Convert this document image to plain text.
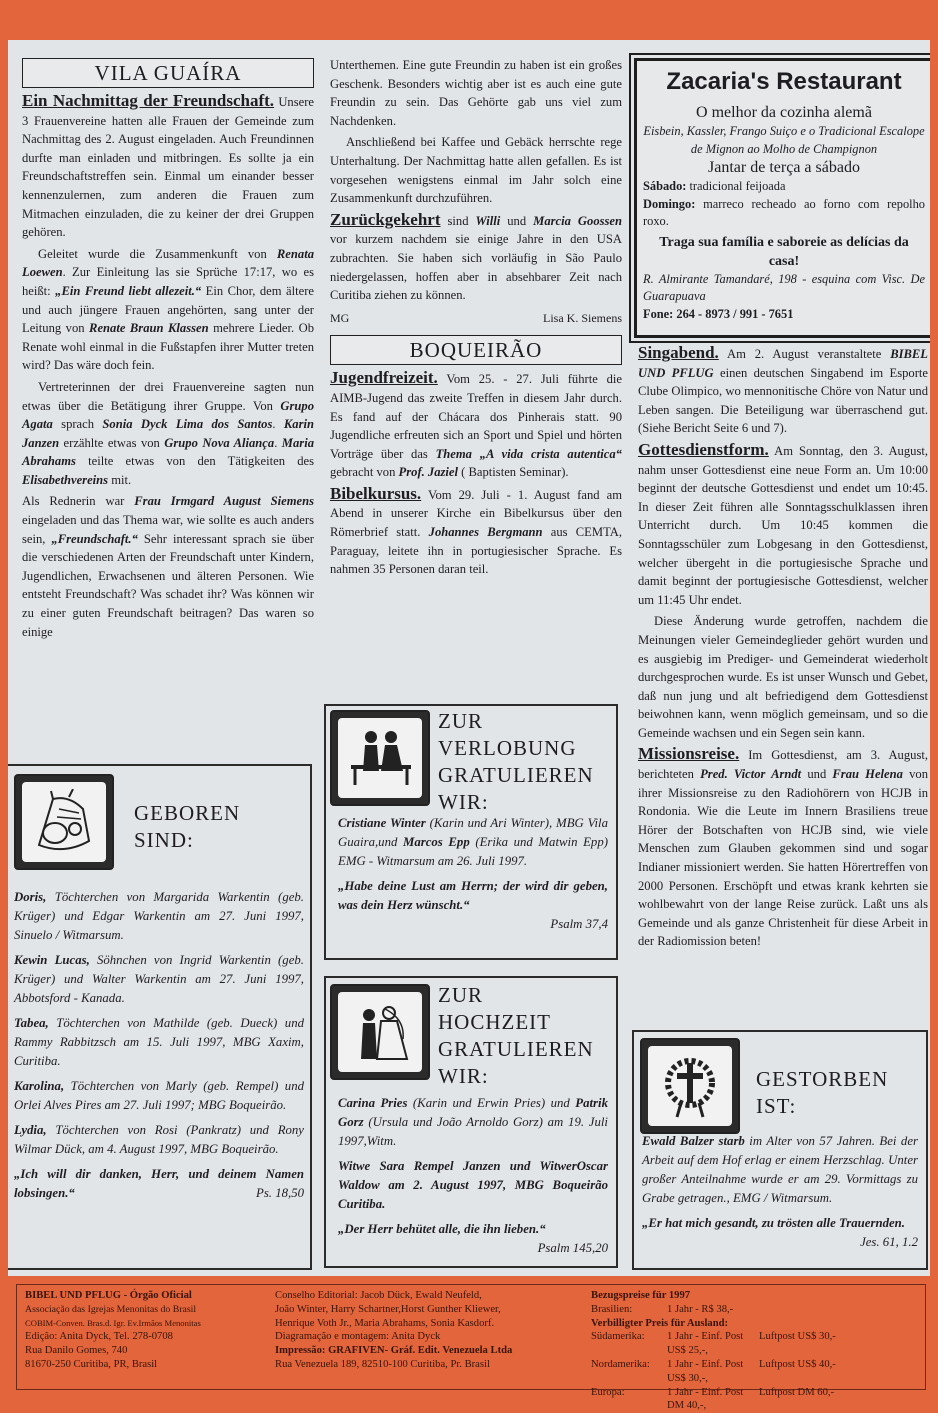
VILA GUAÍRA

Ein Nachmittag der Freundschaft. Unsere 3 Frauenvereine hatten alle Frauen der Gemeinde zum Nachmittag des 2. August eingeladen. Auch Freundinnen durfte man einladen und mitbringen. Es sollte ja ein Freundschaftstreffen sein. Einmal um einander besser kennenzulernen, zum anderen die Frauen zum Mitmachen einzuladen, die zu keiner der drei Gruppen gehören.

Geleitet wurde die Zusammenkunft von Renata Loewen. Zur Einleitung las sie Sprüche 17:17, wo es heißt: „Ein Freund liebt allezeit.“ Ein Chor, dem ältere und auch jüngere Frauen angehörten, sang unter der Leitung von Renate Braun Klassen mehrere Lieder. Ob Renate wohl einmal in die Fußstapfen ihrer Mutter treten wird? Das wäre doch fein.

Vertreterinnen der drei Frauenvereine sagten nun etwas über die Betätigung ihrer Gruppe. Von Grupo Agata sprach Sonia Dyck Lima dos Santos. Karin Janzen erzählte etwas von Grupo Nova Aliança. Maria Abrahams teilte etwas von den Tätigkeiten des Elisabethvereins mit.

Als Rednerin war Frau Irmgard August Siemens eingeladen und das Thema war, wie sollte es auch anders sein, „Freundschaft.“ Sehr interessant sprach sie über die verschiedenen Arten der Freundschaft unter Kindern, Jugendlichen, Erwachsenen und älteren Personen. Wie entsteht Freundschaft? Was schadet ihr? Was können wir zu einer guten Freundschaft beitragen? Das waren so einige

Unterthemen. Eine gute Freundin zu haben ist ein großes Geschenk. Besonders wichtig aber ist es auch eine gute Freundin zu sein. Das Gehörte gab uns viel zum Nachdenken.

Anschließend bei Kaffee und Gebäck herrschte rege Unterhaltung. Der Nachmittag hatte allen gefallen. Es ist vorgesehen wenigstens einmal im Jahr solch eine Zusammenkunft durchzuführen.

Zurückgekehrt sind Willi und Marcia Goossen vor kurzem nachdem sie einige Jahre in den USA zubrachten. Sie haben sich vorläufig in São Paulo niedergelassen, hoffen aber in absehbarer Zeit nach Curitiba ziehen zu können.

MG	Lisa K. Siemens
BOQUEIRÃO

Jugendfreizeit. Vom 25. - 27. Juli führte die AIMB-Jugend das zweite Treffen in diesem Jahr durch. Es fand auf der Chácara dos Pinherais statt. 90 Jugendliche erfreuten sich an Sport und Spiel und hörten Vorträge über das Thema „A vida crista autentica“ gebracht von Prof. Jaziel ( Baptisten Seminar).

Bibelkursus. Vom 29. Juli - 1. August fand am Abend in unserer Kirche ein Bibelkursus über den Römerbrief statt. Johannes Bergmann aus CEMTA, Paraguay, leitete ihn in portugiesischer Sprache. Es nahmen 35 Personen daran teil.

Zacaria's Restaurant
O melhor da cozinha alemã
Eisbein, Kassler, Frango Suiço e o Tradicional Escalope de Mignon ao Molho de Champignon
Jantar de terça a sábado
Sábado: tradicional feijoada
Domingo: marreco recheado ao forno com repolho roxo.
Traga sua família e saboreie as delícias da casa!
R. Almirante Tamandaré, 198 - esquina com Visc. De Guarapuava
Fone: 264 - 8973 / 991 - 7651

Singabend. Am 2. August veranstaltete BIBEL UND PFLUG einen deutschen Singabend im Esporte Clube Olimpico, wo mennonitische Chöre von Natur und Leben sangen. Die Beteiligung war überraschend gut. (Siehe Bericht Seite 6 und 7).

Gottesdienstform. Am Sonntag, den 3. August, nahm unser Gottesdienst eine neue Form an. Um 10:00 beginnt der deutsche Gottesdienst und endet um 10:45. In dieser Zeit führen alle Sonntagsschulklassen ihren Unterricht durch. Um 10:45 kommen die Sonntagsschüler zum Lobgesang in den Gottesdienst, welcher übergeht in die portugiesische Sprache und damit beginnt der portugiesische Gottesdienst, welcher um 11:45 Uhr endet.

Diese Änderung wurde getroffen, nachdem die Meinungen vieler Gemeindeglieder gehört wurden und es ausgiebig im Prediger- und Gemeinderat wiederholt durchgesprochen wurde. Es ist unser Wunsch und Gebet, daß nun jung und alt befriedigend dem Gottesdienst beiwohnen kann, wenn möglich gemeinsam, und so die Gemeinde wachsen und ein Segen sein kann.

Missionsreise. Im Gottesdienst, am 3. August, berichteten Pred. Victor Arndt und Frau Helena von ihrer Missionsreise zu den Radiohörern von HCJB in Rondonia. Wie die Leute im Innern Brasiliens treue Hörer der Botschaften von HCJB sind, wie viele Menschen zum Glauben gekommen sind und sogar Indianer missioniert werden. Sie hatten Hörertreffen von 2000 Personen. Erschöpft und etwas krank kehrten sie wohlbewahrt von der lange Reise zurück. Laßt uns als Gemeinde und als ganze Christenheit für diese Arbeit in der Radiomission beten!

GEBOREN
SIND:

Doris, Töchterchen von Margarida Warkentin (geb. Krüger) und Edgar Warkentin am 27. Juni 1997, Sinuelo / Witmarsum.

Kewin Lucas, Söhnchen von Ingrid Warkentin (geb. Krüger) und Walter Warkentin am 27. Juni 1997, Abbotsford - Kanada.

Tabea, Töchterchen von Mathilde (geb. Dueck) und Rammy Rabbitzsch am 15. Juli 1997, MBG Xaxim, Curitiba.

Karolina, Töchterchen von Marly (geb. Rempel) und Orlei Alves Pires am 27. Juli 1997; MBG Boqueirão.

Lydia, Töchterchen von Rosi (Pankratz) und Rony Wilmar Dück, am 4. August 1997, MBG Boqueirão.

„Ich will dir danken, Herr, und deinem Namen lobsingen.“	Ps. 18,50

ZUR
VERLOBUNG
GRATULIEREN
WIR:

Cristiane Winter (Karin und Ari Winter), MBG Vila Guaira,und Marcos Epp (Erika und Matwin Epp) EMG - Witmarsum am 26. Juli 1997.

„Habe deine Lust am Herrn; der wird dir geben, was dein Herz wünscht.“

Psalm 37,4
ZUR
HOCHZEIT
GRATULIEREN
WIR:

Carina Pries (Karin und Erwin Pries) und Patrik Gorz (Ursula und João Arnoldo Gorz) am 19. Juli 1997,Witm.

Witwe Sara Rempel Janzen und WitwerOscar Waldow am 2. August 1997, MBG Boqueirão Curitiba.

„Der Herr behütet alle, die ihn lieben.“

Psalm 145,20
GESTORBEN
IST:

Ewald Balzer starb im Alter von 57 Jahren. Bei der Arbeit auf dem Hof erlag er einem Herzschlag. Unter großer Anteilnahme wurde er am 29. Vormittags zu Grabe getragen., EMG / Witmarsum.

„Er hat mich gesandt, zu trösten alle Trauernden.
Jes. 61, 1.2

BIBEL UND PFLUG - Órgão Oficial
Associação das Igrejas Menonitas do Brasil
COBIM-Conven. Bras.d. Igr. Ev.Irmãos Menonitas
Edição: Anita Dyck, Tel. 278-0708
Rua Danilo Gomes, 740
81670-250 Curitiba, PR, Brasil
Conselho Editorial: Jacob Dück, Ewald Neufeld,
João Winter, Harry Schartner,Horst Gunther Kliewer,
Henrique Voth Jr., Maria Abrahams, Sonia Kasdorf.
Diagramação e montagem: Anita Dyck
Impressão: GRAFIVEN- Gráf. Edit. Venezuela Ltda
Rua Venezuela 189, 82510-100 Curitiba, Pr. Brasil
Bezugspreise für 1997
Brasilien:	1 Jahr - R$ 38,-
Verbilligter Preis für Ausland:
Südamerika:	1 Jahr - Einf. Post US$ 25,-,
Luftpost US$ 30,-
Nordamerika:	1 Jahr - Einf. Post US$ 30,-,
Luftpost US$ 40,-
Europa:	1 Jahr - Einf. Post DM 40,-,
Luftpost DM 60,-
